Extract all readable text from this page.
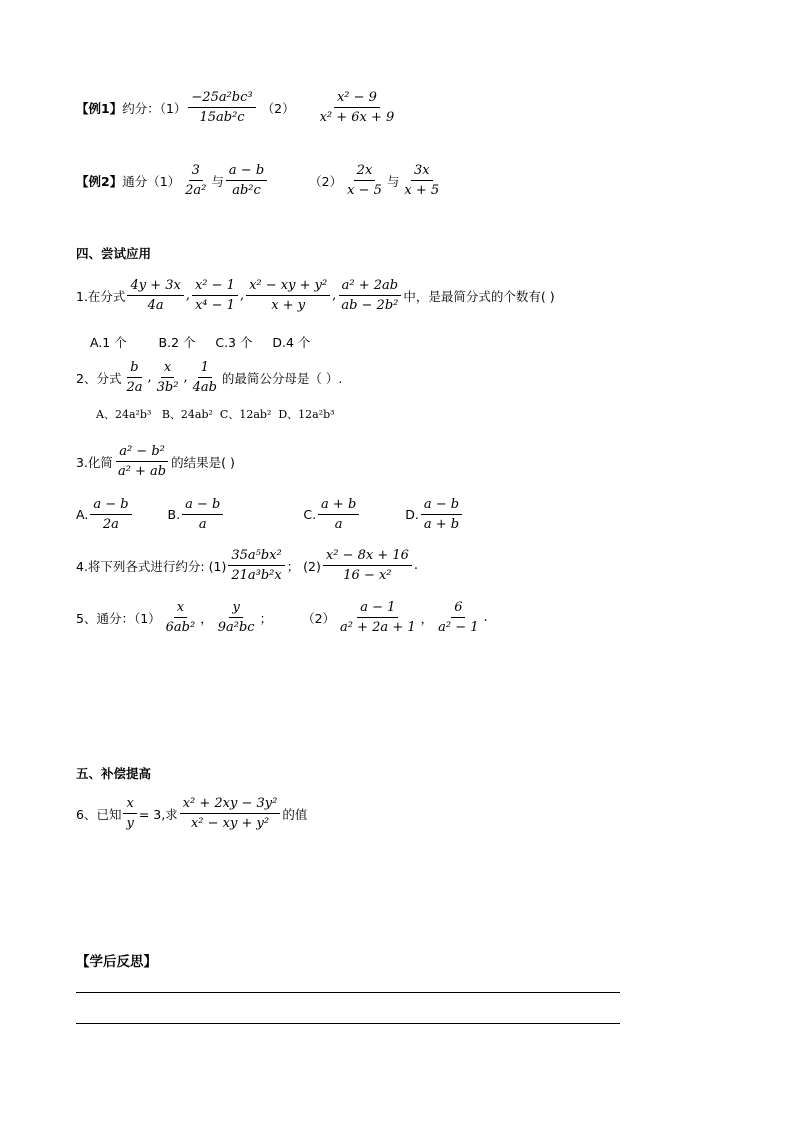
【例1】 约分：$(1) \frac{\text{−25a²bc³}}{\text{15ab²c}} (2) \frac{\text{x² − 9}}{\text{x² + 6x + 9}}$
【例2】 通分$(1) \frac{3}{\text{2a²}}$ 与 $\frac{a - b}{\text{ab²c}}$	$(2) \frac{2x}{x - 5}$ 与 $\frac{3x}{x + 5}$
四、尝试应用
1.在分式 $\frac{4y + 3x}{4a}$ , $\frac{\text{x² − 1}}{\text{x⁴ − 1}}$ , $\frac{\text{x² − xy + y²}}{x + y}$ , $\frac{\text{a² + 2ab}}{\text{ab − 2b²}}$ 中，是最简分式的个数有( )
A.1 个        B.2 个     C.3 个     D.4 个
2、分式 $\frac{b}{2a}$ , $\frac{x}{\text{3b²}}$ , $\frac{1}{4ab}$ 的最简公分母是（ ）.
A、24a²b³   B、24ab²  C、12ab²  D、12a²b³
3.化简 $\frac{\text{a² − b²}}{\text{a² + ab}}$ 的结果是( )
A. $\frac{a - b}{2a}$	B. $\frac{a - b}{a}$	C. $\frac{a + b}{a}$	D. $\frac{a - b}{a + b}$
4.将下列各式进行约分: $(1) \frac{\text{35a⁵bx²}}{\text{21a³b²x}}$ ； $(2) \frac{\text{x² − 8x + 16}}{\text{16 − x²}}$ .
5、通分：$(1) \frac{x}{\text{6ab²}}$ ， $\frac{y}{\text{9a²bc}}$ ； $(2) \frac{a - 1}{\text{a² + 2a + 1}}$ ， $\frac{6}{\text{a² − 1}}$ .
五、补偿提高
6、已知 $\frac{x}{y} = 3$,求 $\frac{\text{x² + 2xy − 3y²}}{\text{x² − xy + y²}}$ 的值
【学后反思】
